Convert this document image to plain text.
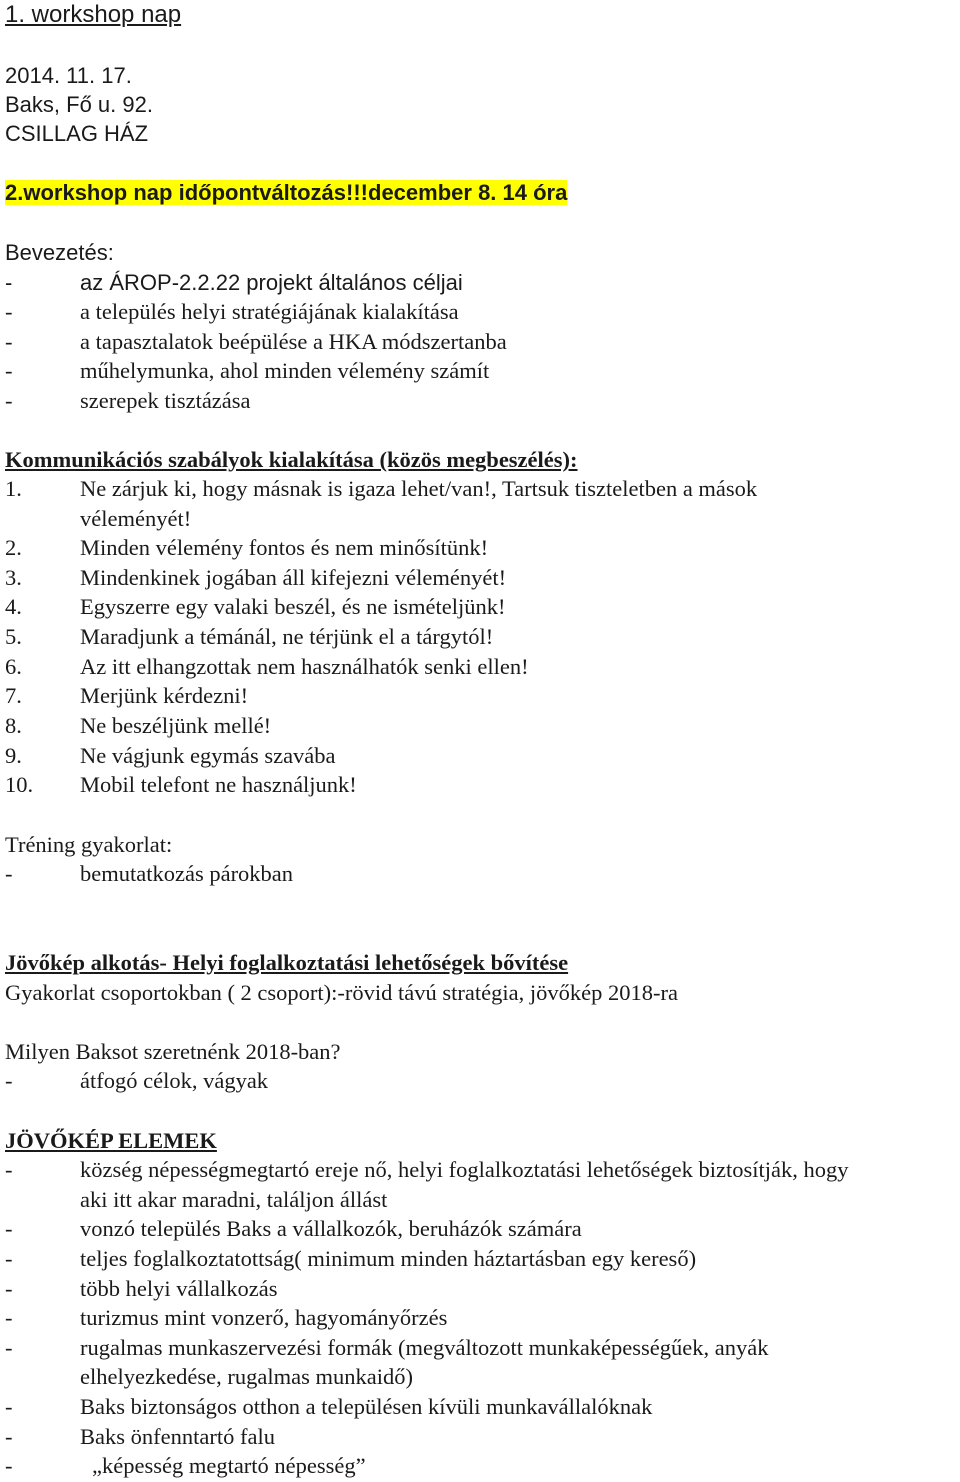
1. workshop nap
2014. 11. 17.
Baks, Fő u. 92.
CSILLAG HÁZ
2.workshop nap időpontváltozás!!!december 8. 14 óra
Bevezetés:
-	az ÁROP-2.2.22 projekt általános céljai
-	a település helyi stratégiájának kialakítása
-	a tapasztalatok beépülése a HKA módszertanba
-	műhelymunka, ahol minden vélemény számít
-	szerepek tisztázása
Kommunikációs szabályok kialakítása (közös megbeszélés):
1.	Ne zárjuk ki, hogy másnak is igaza lehet/van!, Tartsuk tiszteletben a mások
véleményét!
2.	Minden vélemény fontos és nem minősítünk!
3.	Mindenkinek jogában áll kifejezni véleményét!
4.	Egyszerre egy valaki beszél, és ne ismételjünk!
5.	Maradjunk a témánál, ne térjünk el a tárgytól!
6.	Az itt elhangzottak nem használhatók senki ellen!
7.	Merjünk kérdezni!
8.	Ne beszéljünk mellé!
9.	Ne vágjunk egymás szavába
10. Mobil telefont ne használjunk!
Tréning gyakorlat:
-	bemutatkozás párokban
Jövőkép alkotás- Helyi foglalkoztatási lehetőségek bővítése
Gyakorlat csoportokban ( 2 csoport):-rövid távú stratégia, jövőkép 2018-ra
Milyen Baksot szeretnénk 2018-ban?
-	átfogó célok, vágyak
JÖVŐKÉP ELEMEK
-	község népességmegtartó ereje nő, helyi foglalkoztatási lehetőségek biztosítják, hogy
aki itt akar maradni, találjon állást
-	vonzó település Baks a vállalkozók, beruházók számára
-	teljes foglalkoztatottság( minimum minden háztartásban egy kereső)
-	több helyi vállalkozás
-	turizmus mint vonzerő, hagyományőrzés
-	rugalmas munkaszervezési formák (megváltozott munkaképességűek, anyák
elhelyezkedése, rugalmas munkaidő)
-	Baks biztonságos otthon a településen kívüli munkavállalóknak
-	Baks önfenntartó falu
-	„képesség megtartó népesség”
